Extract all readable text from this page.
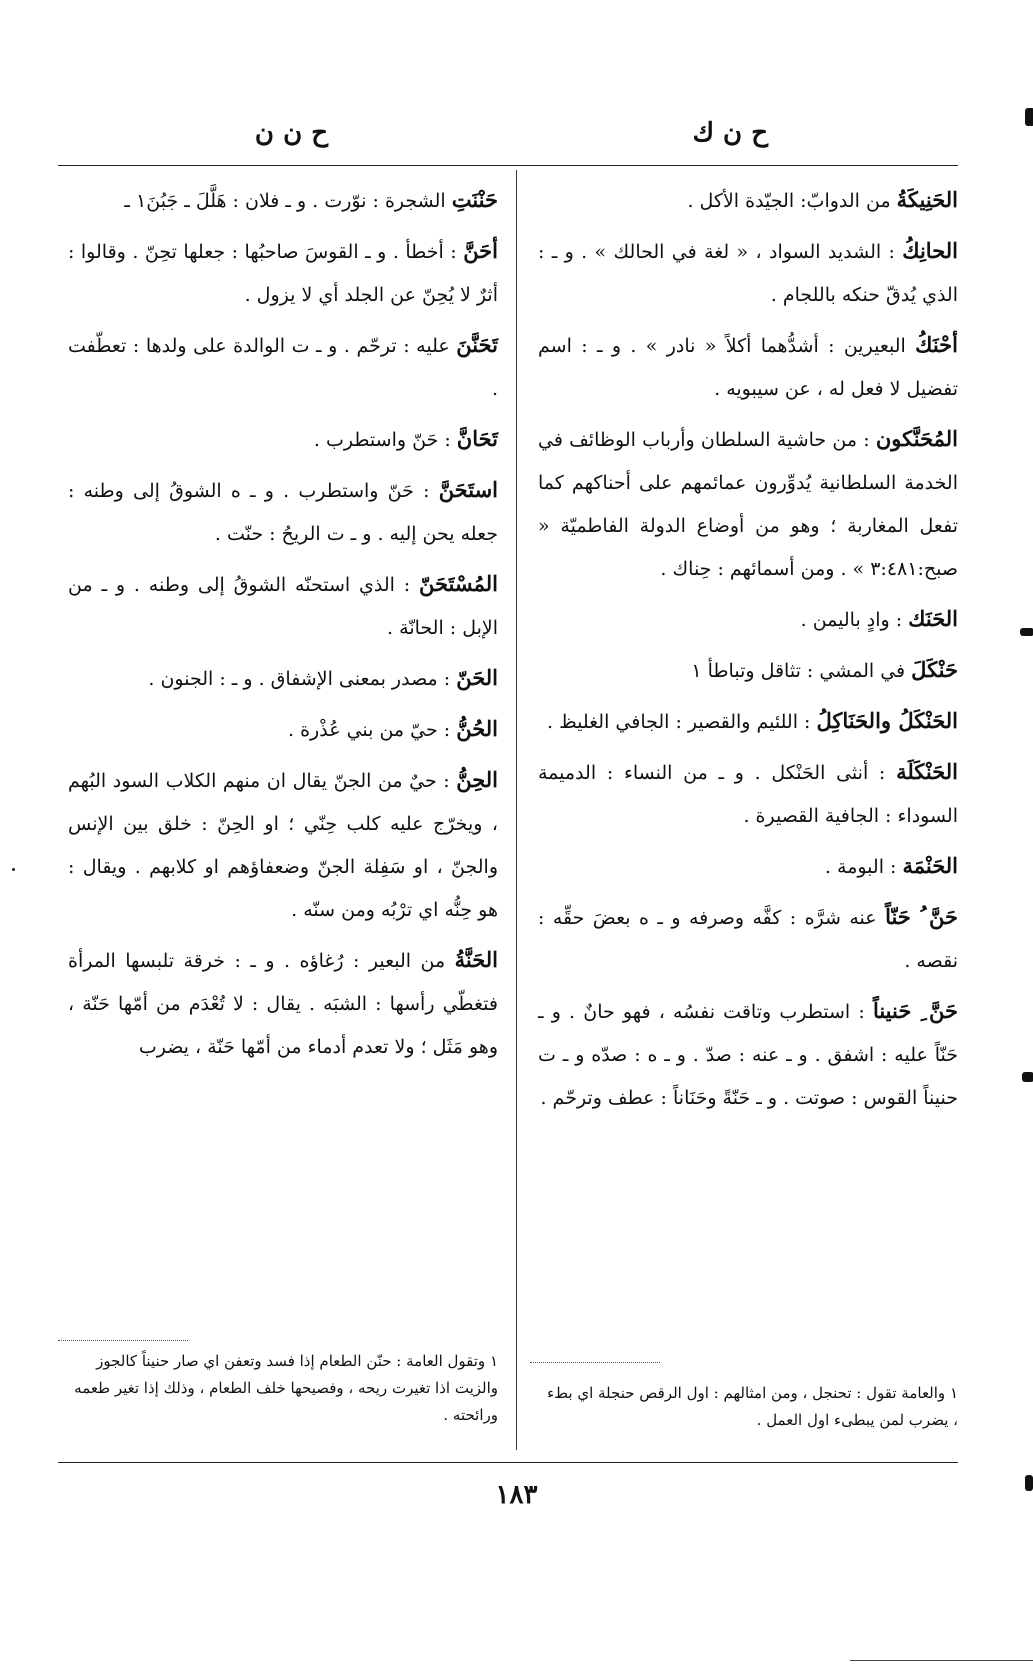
ح ن ك
ح ن ن
الحَنِيكَةُ من الدوابّ: الجيّدة الأكل .
الحانِكُ : الشديد السواد ، « لغة في الحالك » . و ـ : الذي يُدقّ حنكه باللجام .
أحْنَكُ البعيرين : أشدُّهما أكلاً « نادر » . و ـ : اسم تفضيل لا فعل له ، عن سيبويه .
المُحَنَّكون : من حاشية السلطان وأرباب الوظائف في الخدمة السلطانية يُدوِّرون عمائمهم على أحناكهم كما تفعل المغاربة ؛ وهو من أوضاع الدولة الفاطميّة « صبح:٣:٤٨١ » . ومن أسمائهم : حِناك .
الحَنَك : وادٍ باليمن .
حَنْكَلَ في المشي : تثاقل وتباطأ ١
الحَنْكَلُ والحَنَاكِلُ : اللئيم والقصير : الجافي الغليظ .
الحَنْكَلَة : أنثى الحَنْكل . و ـ من النساء : الدميمة السوداء : الجافية القصيرة .
الحَنْمَة : البومة .
حَنَّ ُ حَنّاً عنه شرَّه : كفَّه وصرفه و ـ ه بعضَ حقِّه : نقصه .
حَنَّ ِ حَنيناً : استطرب وتاقت نفسُه ، فهو حانٌ . و ـ حَنّاً عليه : اشفق . و ـ عنه : صدّ . و ـ ه : صدّه و ـ ت حنيناً القوس : صوتت . و ـ حَنّةً وحَنَاناً : عطف وترحّم .
حَنْنَتِ الشجرة : نوّرت . و ـ فلان : هَلَّلَ ـ جَبُنَ١ ـ
أحَنَّ : أخطأ . و ـ القوسَ صاحبُها : جعلها تحِنّ . وقالوا : أثرٌ لا يُحِنّ عن الجلد أي لا يزول .
تَحَنَّنَ عليه : ترحّم . و ـ ت الوالدة على ولدها : تعطّفت .
تَحَانَّ : حَنّ واستطرب .
استَحَنَّ : حَنّ واستطرب . و ـ ه الشوقُ إلى وطنه : جعله يحن إليه . و ـ ت الريحُ : حنّت .
المُسْتَحَنّ : الذي استحنّه الشوقُ إلى وطنه . و ـ من الإبل : الحانّة .
الحَنّ : مصدر بمعنى الإشفاق . و ـ : الجنون .
الحُنُّ : حيّ من بني عُذْرة .
الحِنُّ : حيٌ من الجنّ يقال ان منهم الكلاب السود البُهم ، ويخرّج عليه كلب حِنّي ؛ او الحِنّ : خلق بين الإنس والجنّ ، او سَفِلة الجنّ وضعفاؤهم او كلابهم . ويقال : هو حِنُّه اي ترْبُه ومن سنّه .
الحَنَّةُ من البعير : رُغاؤه . و ـ : خرقة تلبسها المرأة فتغطّي رأسها : الشبَه . يقال : لا تُعْدَم من أمّها حَنّة ، وهو مَثَل ؛ ولا تعدم أدماء من أمّها حَنّة ، يضرب
١ والعامة تقول : تحنجل ، ومن امثالهم : اول الرقص حنجلة اي بطء ، يضرب لمن يبطىء اول العمل .
١ وتقول العامة : حنّن الطعام إذا فسد وتعفن اي صار حنيناً كالجوز والزيت اذا تغيرت ريحه ، وفصيحها خلف الطعام ، وذلك إذا تغير طعمه ورائحته .
١٨٣
